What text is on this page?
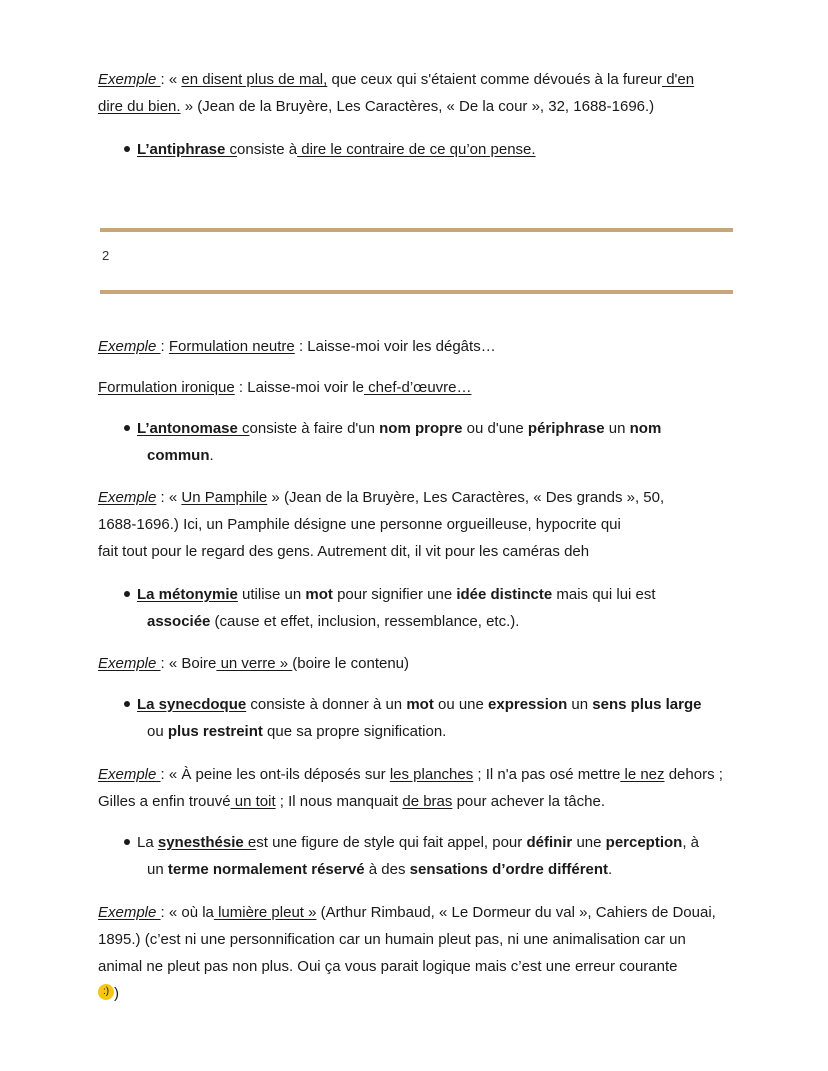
Exemple : « en disent plus de mal, que ceux qui s'étaient comme dévoués à la fureur d'en
dire du bien. » (Jean de la Bruyère, Les Caractères, « De la cour », 32, 1688-1696.)
L’antiphrase consiste à dire le contraire de ce qu’on pense.
2
Exemple : Formulation neutre : Laisse-moi voir les dégâts…
Formulation ironique : Laisse-moi voir le chef-d’œuvre…
L’antonomase consiste à faire d'un nom propre ou d'une périphrase un nom
commun.
Exemple : « Un Pamphile » (Jean de la Bruyère, Les Caractères, « Des grands », 50,
1688-1696.) Ici, un Pamphile désigne une personne orgueilleuse, hypocrite qui
fait tout pour le regard des gens. Autrement dit, il vit pour les caméras deh
La métonymie utilise un mot pour signifier une idée distincte mais qui lui est
associée (cause et effet, inclusion, ressemblance, etc.).
Exemple : « Boire un verre » (boire le contenu)
La synecdoque consiste à donner à un mot ou une expression un sens plus large
ou plus restreint que sa propre signification.
Exemple : « À peine les ont-ils déposés sur les planches ; Il n'a pas osé mettre le nez dehors ;
Gilles a enfin trouvé un toit ; Il nous manquait de bras pour achever la tâche.
La synesthésie est une figure de style qui fait appel, pour définir une perception, à
un terme normalement réservé à des sensations d’ordre différent.
Exemple : « où la lumière pleut » (Arthur Rimbaud, « Le Dormeur du val », Cahiers de Douai,
1895.) (c’est ni une personnification car un humain pleut pas, ni une animalisation car un
animal ne pleut pas non plus. Oui ça vous parait logique mais c’est une erreur courante
:) )
